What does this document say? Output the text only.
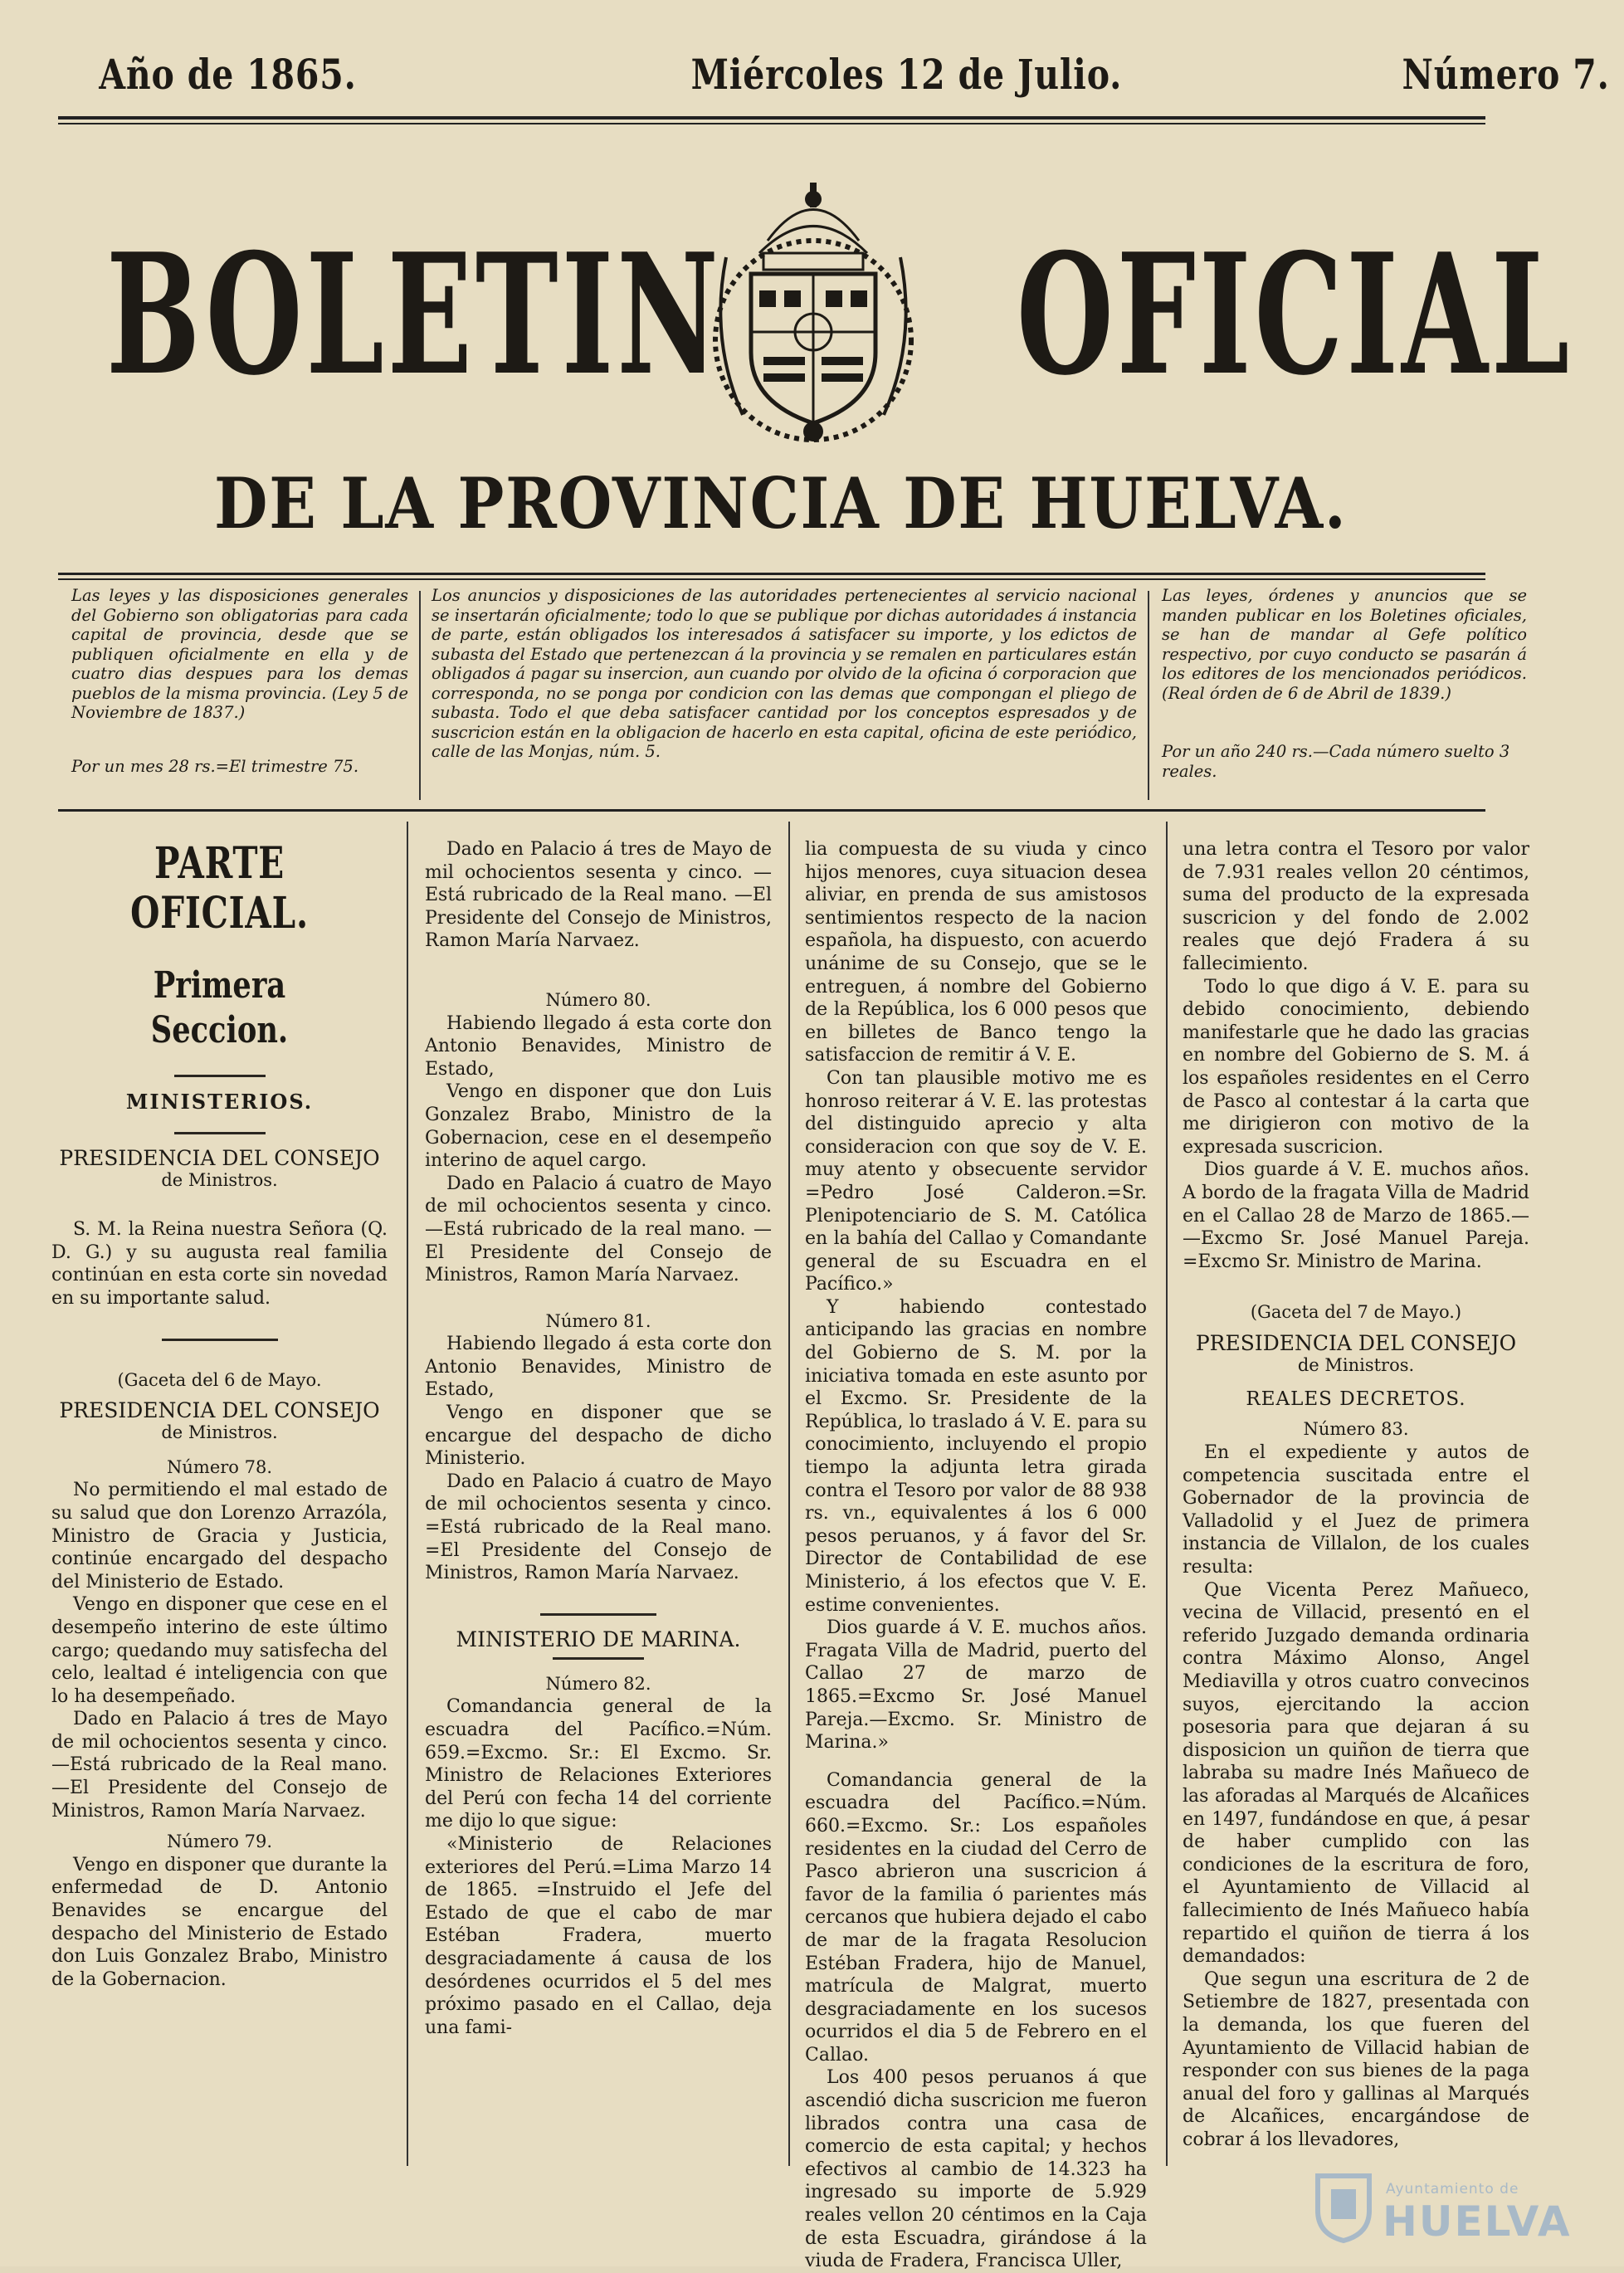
Año de 1865.	Miércoles 12 de Julio.	Número 7.
BOLETIN OFICIAL
DE LA PROVINCIA DE HUELVA.
Las leyes y las disposiciones generales del Gobierno son obligatorias para cada capital de provincia, desde que se publiquen oficialmente en ella y de cuatro dias despues para los demas pueblos de la misma provincia. (Ley 5 de Noviembre de 1837.)
Por un mes 28 rs.=El trimestre 75.
Los anuncios y disposiciones de las autoridades pertenecientes al servicio nacional se insertarán oficialmente; todo lo que se publique por dichas autoridades á instancia de parte, están obligados los interesados á satisfacer su importe, y los edictos de subasta del Estado que pertenezcan á la provincia y se remalen en particulares están obligados á pagar su insercion, aun cuando por olvido de la oficina ó corporacion que corresponda, no se ponga por condicion con las demas que compongan el pliego de subasta. Todo el que deba satisfacer cantidad por los conceptos espresados y de suscricion están en la obligacion de hacerlo en esta capital, oficina de este periódico, calle de las Monjas, núm. 5.
Las leyes, órdenes y anuncios que se manden publicar en los Boletines oficiales, se han de mandar al Gefe político respectivo, por cuyo conducto se pasarán á los editores de los mencionados periódicos. (Real órden de 6 de Abril de 1839.)
Por un año 240 rs.—Cada número suelto 3 reales.

PARTE OFICIAL.

Primera Seccion.

MINISTERIOS.

PRESIDENCIA DEL CONSEJO

de Ministros.

S. M. la Reina nuestra Señora (Q. D. G.) y su augusta real familia continúan en esta corte sin novedad en su importante salud.

(Gaceta del 6 de Mayo.

PRESIDENCIA DEL CONSEJO

de Ministros.

Número 78.

No permitiendo el mal estado de su salud que don Lorenzo Arrazóla, Ministro de Gracia y Justicia, continúe encargado del despacho del Ministerio de Estado.

Vengo en disponer que cese en el desempeño interino de este último cargo; quedando muy satisfecha del celo, lealtad é inteligencia con que lo ha desempeñado.

Dado en Palacio á tres de Mayo de mil ochocientos sesenta y cinco. —Está rubricado de la Real mano. —El Presidente del Consejo de Ministros, Ramon María Narvaez.

Número 79.

Vengo en disponer que durante la enfermedad de D. Antonio Benavides se encargue del despacho del Ministerio de Estado don Luis Gonzalez Brabo, Ministro de la Gobernacion.

Dado en Palacio á tres de Mayo de mil ochocientos sesenta y cinco. —Está rubricado de la Real mano. —El Presidente del Consejo de Ministros, Ramon María Narvaez.

Número 80.

Habiendo llegado á esta corte don Antonio Benavides, Ministro de Estado,

Vengo en disponer que don Luis Gonzalez Brabo, Ministro de la Gobernacion, cese en el desempeño interino de aquel cargo.

Dado en Palacio á cuatro de Mayo de mil ochocientos sesenta y cinco. —Está rubricado de la real mano. —El Presidente del Consejo de Ministros, Ramon María Narvaez.

Número 81.

Habiendo llegado á esta corte don Antonio Benavides, Ministro de Estado,

Vengo en disponer que se encargue del despacho de dicho Ministerio.

Dado en Palacio á cuatro de Mayo de mil ochocientos sesenta y cinco. =Está rubricado de la Real mano. =El Presidente del Consejo de Ministros, Ramon María Narvaez.

MINISTERIO DE MARINA.

Número 82.

Comandancia general de la escuadra del Pacífico.=Núm. 659.=Excmo. Sr.: El Excmo. Sr. Ministro de Relaciones Exteriores del Perú con fecha 14 del corriente me dijo lo que sigue:

«Ministerio de Relaciones exteriores del Perú.=Lima Marzo 14 de 1865. =Instruido el Jefe del Estado de que el cabo de mar Estéban Fradera, muerto desgraciadamente á causa de los desórdenes ocurridos el 5 del mes próximo pasado en el Callao, deja una fami-

lia compuesta de su viuda y cinco hijos menores, cuya situacion desea aliviar, en prenda de sus amistosos sentimientos respecto de la nacion española, ha dispuesto, con acuerdo unánime de su Consejo, que se le entreguen, á nombre del Gobierno de la República, los 6 000 pesos que en billetes de Banco tengo la satisfaccion de remitir á V. E.

Con tan plausible motivo me es honroso reiterar á V. E. las protestas del distinguido aprecio y alta consideracion con que soy de V. E. muy atento y obsecuente servidor =Pedro José Calderon.=Sr. Plenipotenciario de S. M. Católica en la bahía del Callao y Comandante general de su Escuadra en el Pacífico.»

Y habiendo contestado anticipando las gracias en nombre del Gobierno de S. M. por la iniciativa tomada en este asunto por el Excmo. Sr. Presidente de la República, lo traslado á V. E. para su conocimiento, incluyendo el propio tiempo la adjunta letra girada contra el Tesoro por valor de 88 938 rs. vn., equivalentes á los 6 000 pesos peruanos, y á favor del Sr. Director de Contabilidad de ese Ministerio, á los efectos que V. E. estime convenientes.

Dios guarde á V. E. muchos años. Fragata Villa de Madrid, puerto del Callao 27 de marzo de 1865.=Excmo Sr. José Manuel Pareja.—Excmo. Sr. Ministro de Marina.»

Comandancia general de la escuadra del Pacífico.=Núm. 660.=Excmo. Sr.: Los españoles residentes en la ciudad del Cerro de Pasco abrieron una suscricion á favor de la familia ó parientes más cercanos que hubiera dejado el cabo de mar de la fragata Resolucion Estéban Fradera, hijo de Manuel, matrícula de Malgrat, muerto desgraciadamente en los sucesos ocurridos el dia 5 de Febrero en el Callao.

Los 400 pesos peruanos á que ascendió dicha suscricion me fueron librados contra una casa de comercio de esta capital; y hechos efectivos al cambio de 14.323 ha ingresado su importe de 5.929 reales vellon 20 céntimos en la Caja de esta Escuadra, girándose á la viuda de Fradera, Francisca Uller,

una letra contra el Tesoro por valor de 7.931 reales vellon 20 céntimos, suma del producto de la expresada suscricion y del fondo de 2.002 reales que dejó Fradera á su fallecimiento.

Todo lo que digo á V. E. para su debido conocimiento, debiendo manifestarle que he dado las gracias en nombre del Gobierno de S. M. á los españoles residentes en el Cerro de Pasco al contestar á la carta que me dirigieron con motivo de la expresada suscricion.

Dios guarde á V. E. muchos años. A bordo de la fragata Villa de Madrid en el Callao 28 de Marzo de 1865.— —Excmo Sr. José Manuel Pareja. =Excmo Sr. Ministro de Marina.

(Gaceta del 7 de Mayo.)

PRESIDENCIA DEL CONSEJO

de Ministros.

REALES DECRETOS.

Número 83.

En el expediente y autos de competencia suscitada entre el Gobernador de la provincia de Valladolid y el Juez de primera instancia de Villalon, de los cuales resulta:

Que Vicenta Perez Mañueco, vecina de Villacid, presentó en el referido Juzgado demanda ordinaria contra Máximo Alonso, Angel Mediavilla y otros cuatro convecinos suyos, ejercitando la accion posesoria para que dejaran á su disposicion un quiñon de tierra que labraba su madre Inés Mañueco de las aforadas al Marqués de Alcañices en 1497, fundándose en que, á pesar de haber cumplido con las condiciones de la escritura de foro, el Ayuntamiento de Villacid al fallecimiento de Inés Mañueco había repartido el quiñon de tierra á los demandados:

Que segun una escritura de 2 de Setiembre de 1827, presentada con la demanda, los que fueren del Ayuntamiento de Villacid habian de responder con sus bienes de la paga anual del foro y gallinas al Marqués de Alcañices, encargándose de cobrar á los llevadores,

Ayuntamiento de
HUELVA
